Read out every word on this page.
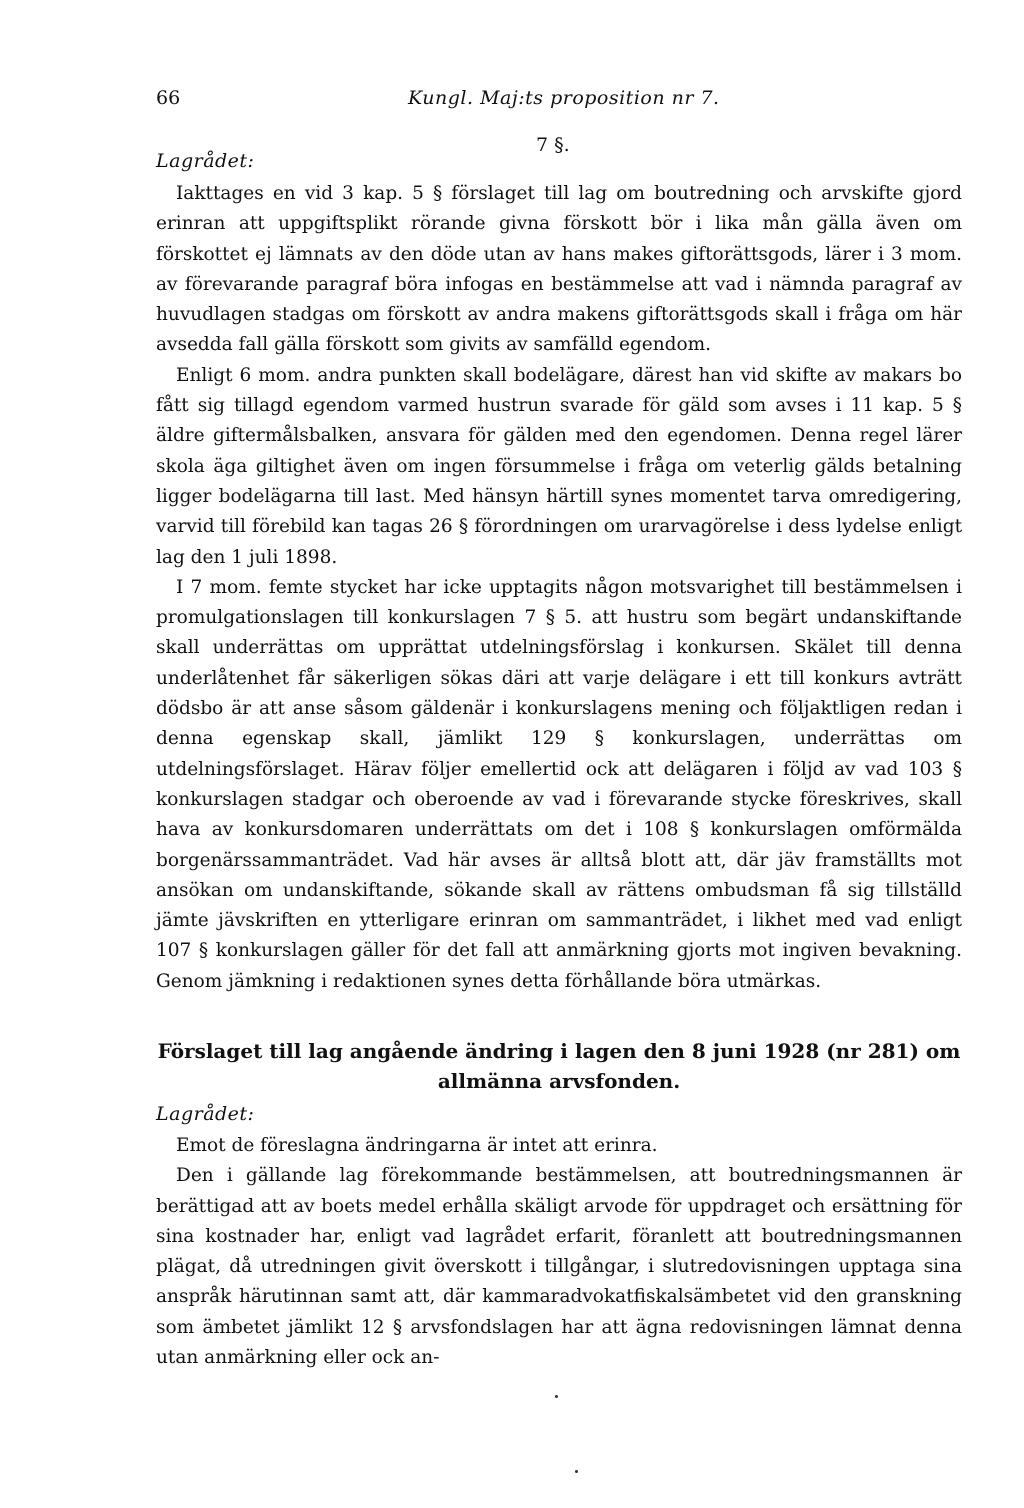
66	Kungl. Maj:ts proposition nr 7.
7 §.
Lagrådet:

Iakttages en vid 3 kap. 5 § förslaget till lag om boutredning och arvskifte gjord erinran att uppgiftsplikt rörande givna förskott bör i lika mån gälla även om förskottet ej lämnats av den döde utan av hans makes giftorättsgods, lärer i 3 mom. av förevarande paragraf böra infogas en bestämmelse att vad i nämnda paragraf av huvudlagen stadgas om förskott av andra makens giftorättsgods skall i fråga om här avsedda fall gälla förskott som givits av samfälld egendom.

Enligt 6 mom. andra punkten skall bodelägare, därest han vid skifte av makars bo fått sig tillagd egendom varmed hustrun svarade för gäld som avses i 11 kap. 5 § äldre giftermålsbalken, ansvara för gälden med den egendomen. Denna regel lärer skola äga giltighet även om ingen försummelse i fråga om veterlig gälds betalning ligger bodelägarna till last. Med hänsyn härtill synes momentet tarva omredigering, varvid till förebild kan tagas 26 § förordningen om urarvagörelse i dess lydelse enligt lag den 1 juli 1898.

I 7 mom. femte stycket har icke upptagits någon motsvarighet till bestämmelsen i promulgationslagen till konkurslagen 7 § 5. att hustru som begärt undanskiftande skall underrättas om upprättat utdelningsförslag i konkursen. Skälet till denna underlåtenhet får säkerligen sökas däri att varje delägare i ett till konkurs avträtt dödsbo är att anse såsom gäldenär i konkurslagens mening och följaktligen redan i denna egenskap skall, jämlikt 129 § konkurslagen, underrättas om utdelningsförslaget. Härav följer emellertid ock att delägaren i följd av vad 103 § konkurslagen stadgar och oberoende av vad i förevarande stycke föreskrives, skall hava av konkursdomaren underrättats om det i 108 § konkurslagen omförmälda borgenärssammanträdet. Vad här avses är alltså blott att, där jäv framställts mot ansökan om undanskiftande, sökande skall av rättens ombudsman få sig tillställd jämte jävskriften en ytterligare erinran om sammanträdet, i likhet med vad enligt 107 § konkurslagen gäller för det fall att anmärkning gjorts mot ingiven bevakning. Genom jämkning i redaktionen synes detta förhållande böra utmärkas.

Förslaget till lag angående ändring i lagen den 8 juni 1928 (nr 281) om
allmänna arvsfonden.
Lagrådet:

Emot de föreslagna ändringarna är intet att erinra.

Den i gällande lag förekommande bestämmelsen, att boutredningsmannen är berättigad att av boets medel erhålla skäligt arvode för uppdraget och ersättning för sina kostnader har, enligt vad lagrådet erfarit, föranlett att boutredningsmannen plägat, då utredningen givit överskott i tillgångar, i slutredovisningen upptaga sina anspråk härutinnan samt att, där kammaradvokatfiskalsämbetet vid den granskning som ämbetet jämlikt 12 § arvsfondslagen har att ägna redovisningen lämnat denna utan anmärkning eller ock an-
